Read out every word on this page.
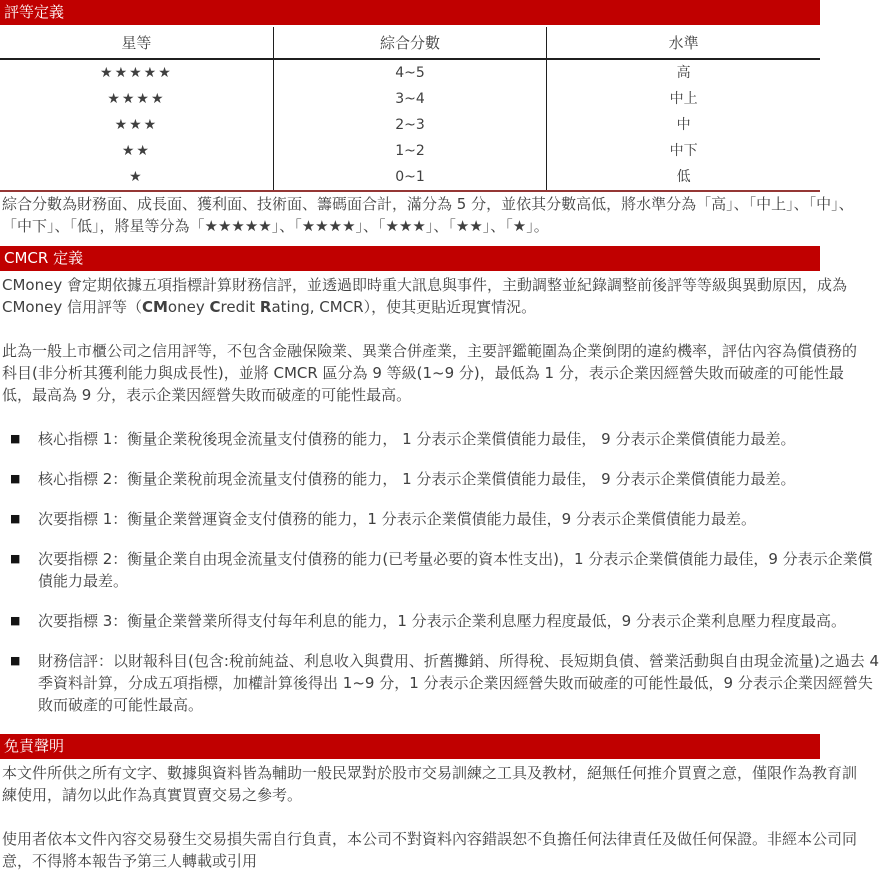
評等定義
星等	綜合分數	水準
★★★★★	4~5	高
★★★★	3~4	中上
★★★	2~3	中
★★	1~2	中下
★	0~1	低

綜合分數為財務面、成長面、獲利面、技術面、籌碼面合計，滿分為 5 分，並依其分數高低，將水準分為「高」、「中上」、「中」、「中下」、「低」，將星等分為「★★★★★」、「★★★★」、「★★★」、「★★」、「★」。

CMCR 定義

CMoney 會定期依據五項指標計算財務信評，並透過即時重大訊息與事件，主動調整並紀錄調整前後評等等級與異動原因，成為 CMoney 信用評等（CMoney Credit Rating, CMCR），使其更貼近現實情況。

此為一般上市櫃公司之信用評等，不包含金融保險業、異業合併產業，主要評鑑範圍為企業倒閉的違約機率，評估內容為償債務的科目(非分析其獲利能力與成長性)，並將 CMCR 區分為 9 等級(1~9 分)，最低為 1 分，表示企業因經營失敗而破產的可能性最低，最高為 9 分，表示企業因經營失敗而破產的可能性最高。

■	核心指標 1：衡量企業稅後現金流量支付債務的能力， 1 分表示企業償債能力最佳， 9 分表示企業償債能力最差。
■	核心指標 2：衡量企業稅前現金流量支付債務的能力， 1 分表示企業償債能力最佳， 9 分表示企業償債能力最差。
■	次要指標 1：衡量企業營運資金支付債務的能力，1 分表示企業償債能力最佳，9 分表示企業償債能力最差。
■	次要指標 2：衡量企業自由現金流量支付債務的能力(已考量必要的資本性支出)，1 分表示企業償債能力最佳，9 分表示企業償債能力最差。
■	次要指標 3：衡量企業營業所得支付每年利息的能力，1 分表示企業利息壓力程度最低，9 分表示企業利息壓力程度最高。
■	財務信評：以財報科目(包含:稅前純益、利息收入與費用、折舊攤銷、所得稅、長短期負債、營業活動與自由現金流量)之過去 4 季資料計算，分成五項指標，加權計算後得出 1~9 分，1 分表示企業因經營失敗而破產的可能性最低，9 分表示企業因經營失敗而破產的可能性最高。
免責聲明

本文件所供之所有文字、數據與資料皆為輔助一般民眾對於股市交易訓練之工具及教材，絕無任何推介買賣之意，僅限作為教育訓練使用，請勿以此作為真實買賣交易之參考。

使用者依本文件內容交易發生交易損失需自行負責，本公司不對資料內容錯誤恕不負擔任何法律責任及做任何保證。非經本公司同意，不得將本報告予第三人轉載或引用
